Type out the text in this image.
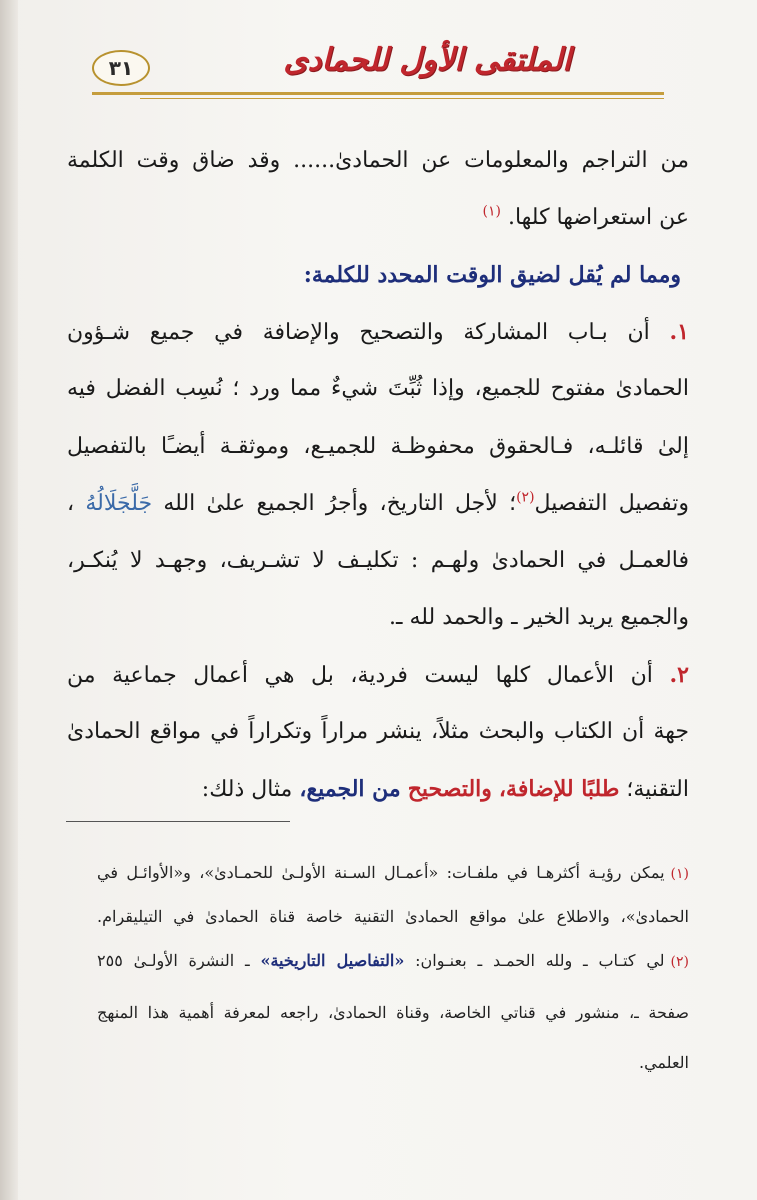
الملتقى الأول للحمادى
٣١
من التراجم والمعلومات عن الحمادىٰ...... وقد ضاق وقت الكلمة
عن استعراضها كلها. $^{(١)}$
ومما لم يُقل لضيق الوقت المحدد للكلمة:
١. أن بـاب المشاركة والتصحيح والإضافة في جميع شـؤون
الحمادىٰ مفتوح للجميع، وإذا ثُبِّتَ شيءٌ مما ورد ؛ نُسِب الفضل فيه
إلىٰ قائلـه، فـالحقوق محفوظـة للجميـع، وموثقـة أيضـًا بالتفصيل
وتفصيل التفصيل$^{(٢)}$؛ لأجل التاريخ، وأجرُ الجميع علىٰ الله جَلَّجَلَالُهُ ،
فالعمـل في الحمادىٰ ولهـم : تكليـف لا تشـريف، وجهـد لا يُنكـر،
والجميع يريد الخير ـ والحمد لله ـ.
٢. أن الأعمال كلها ليست فردية، بل هي أعمال جماعية من
جهة أن الكتاب والبحث مثلاً، ينشر مراراً وتكراراً في مواقع الحمادىٰ
التقنية؛ طلبًا للإضافة، والتصحيح من الجميع، مثال ذلك:
(١)يمكن رؤيـة أكثرهـا في ملفـات: «أعمـال السـنة الأولـىٰ للحمـادىٰ»، و«الأوائـل في
الحمادىٰ»، والاطلاع علىٰ مواقع الحمادىٰ التقنية خاصة قناة الحمادىٰ في التيليقرام.
(٢)لي كتـاب ـ ولله الحمـد ـ بعنـوان: «التفاصيل التاريخية» ـ النشرة الأولـىٰ ٢٥٥
صفحة ـ، منشور في قناتي الخاصة، وقناة الحمادىٰ، راجعه لمعرفة أهمية هذا المنهج
العلمي.
